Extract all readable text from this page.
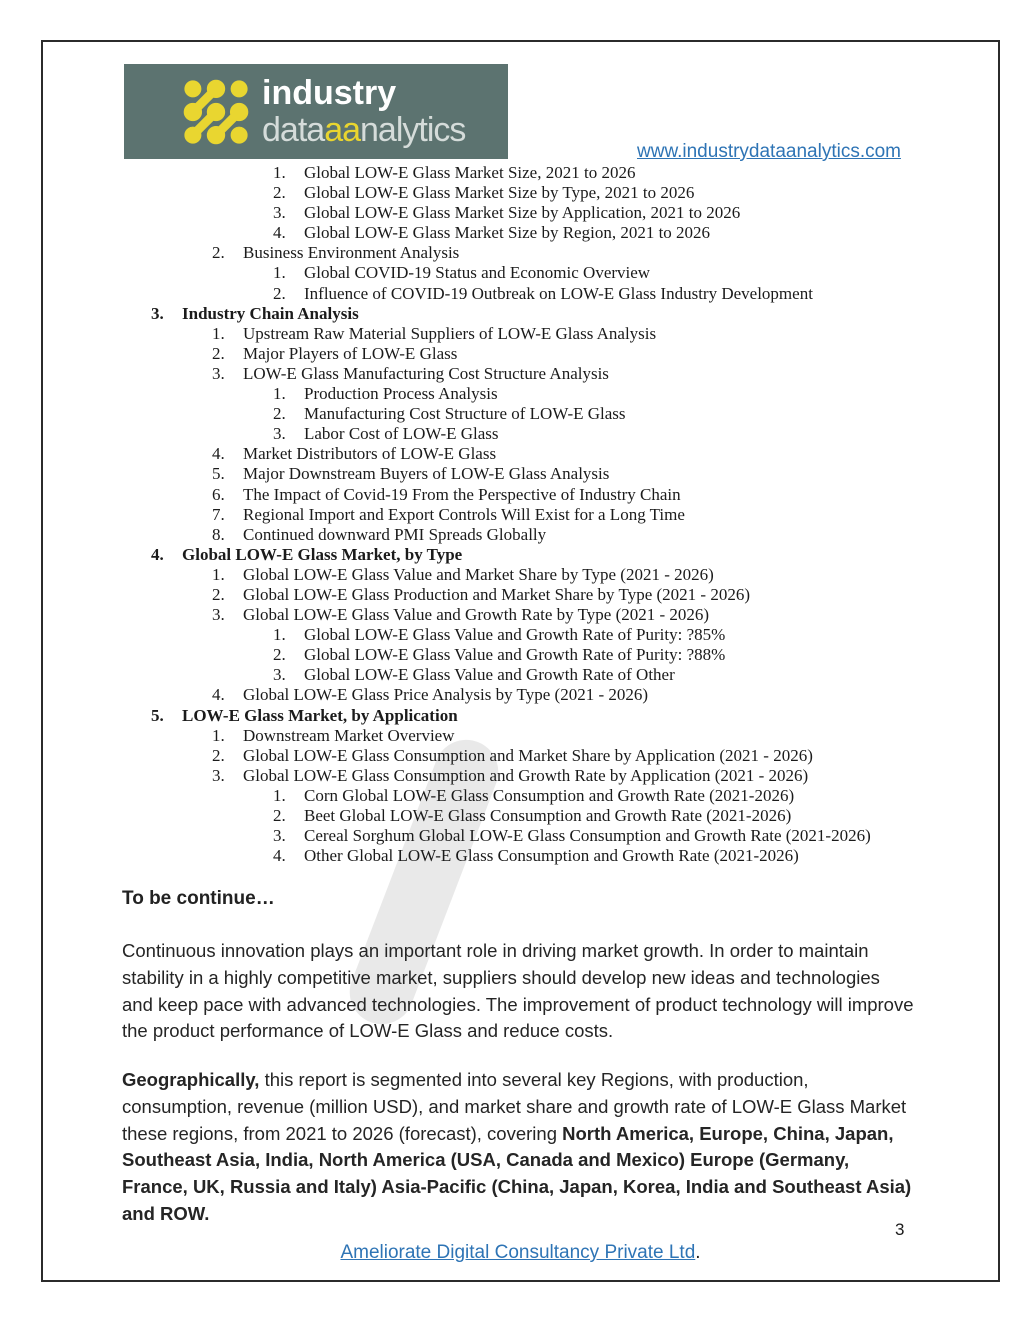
industry
dataaanalytics
www.industrydataanalytics.com
1.	Global LOW-E Glass Market Size, 2021 to 2026
2.	Global LOW-E Glass Market Size by Type, 2021 to 2026
3.	Global LOW-E Glass Market Size by Application, 2021 to 2026
4.	Global LOW-E Glass Market Size by Region, 2021 to 2026
2.	Business Environment Analysis
1.	Global COVID-19 Status and Economic Overview
2.	Influence of COVID-19 Outbreak on LOW-E Glass Industry Development
3.	Industry Chain Analysis
1.	Upstream Raw Material Suppliers of LOW-E Glass Analysis
2.	Major Players of LOW-E Glass
3.	LOW-E Glass Manufacturing Cost Structure Analysis
1.	Production Process Analysis
2.	Manufacturing Cost Structure of LOW-E Glass
3.	Labor Cost of LOW-E Glass
4.	Market Distributors of LOW-E Glass
5.	Major Downstream Buyers of LOW-E Glass Analysis
6.	The Impact of Covid-19 From the Perspective of Industry Chain
7.	Regional Import and Export Controls Will Exist for a Long Time
8.	Continued downward PMI Spreads Globally
4.	Global LOW-E Glass Market, by Type
1.	Global LOW-E Glass Value and Market Share by Type (2021 - 2026)
2.	Global LOW-E Glass Production and Market Share by Type (2021 - 2026)
3.	Global LOW-E Glass Value and Growth Rate by Type (2021 - 2026)
1.	Global LOW-E Glass Value and Growth Rate of Purity: ?85%
2.	Global LOW-E Glass Value and Growth Rate of Purity: ?88%
3.	Global LOW-E Glass Value and Growth Rate of Other
4.	Global LOW-E Glass Price Analysis by Type (2021 - 2026)
5.	LOW-E Glass Market, by Application
1.	Downstream Market Overview
2.	Global LOW-E Glass Consumption and Market Share by Application (2021 - 2026)
3.	Global LOW-E Glass Consumption and Growth Rate by Application (2021 - 2026)
1.	Corn Global LOW-E Glass Consumption and Growth Rate (2021-2026)
2.	Beet Global LOW-E Glass Consumption and Growth Rate (2021-2026)
3.	Cereal Sorghum Global LOW-E Glass Consumption and Growth Rate (2021-2026)
4.	Other Global LOW-E Glass Consumption and Growth Rate (2021-2026)
To be continue…
Continuous innovation plays an important role in driving market growth. In order to maintain stability in a highly competitive market, suppliers should develop new ideas and technologies and keep pace with advanced technologies. The improvement of product technology will improve the product performance of LOW-E Glass and reduce costs.
Geographically, this report is segmented into several key Regions, with production, consumption, revenue (million USD), and market share and growth rate of LOW-E Glass Market these regions, from 2021 to 2026 (forecast), covering North America, Europe, China, Japan, Southeast Asia, India, North America (USA, Canada and Mexico) Europe (Germany, France, UK, Russia and Italy) Asia-Pacific (China, Japan, Korea, India and Southeast Asia) and ROW.
3
Ameliorate Digital Consultancy Private Ltd.
